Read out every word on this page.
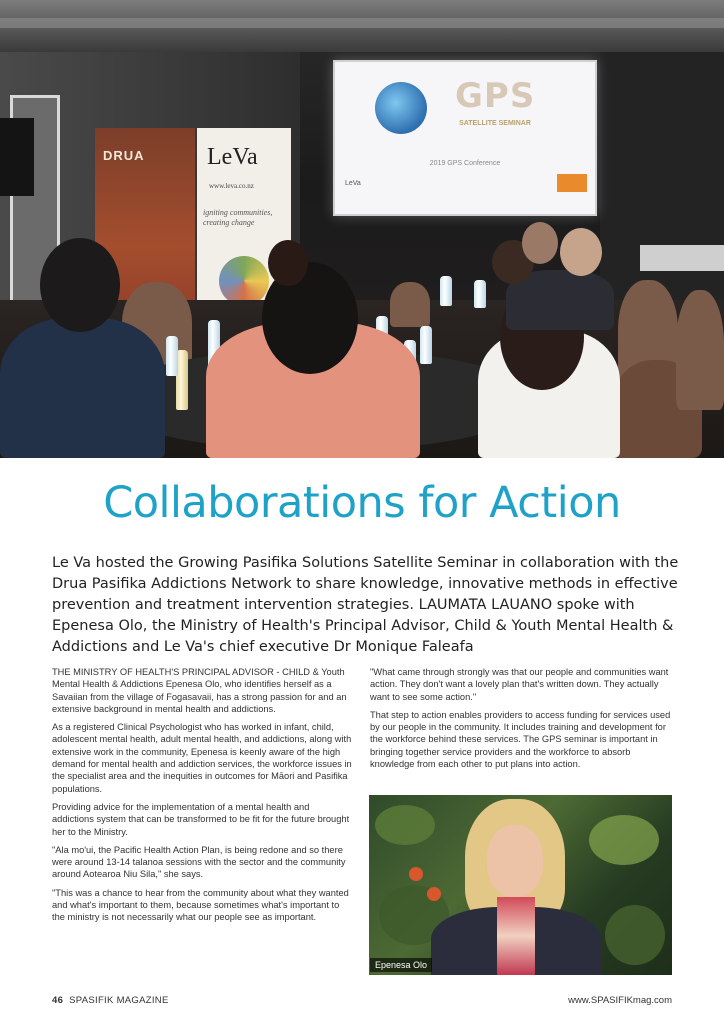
GPS
SATELLITE SEMINAR
2019 GPS Conference
LeVa
DRUA	LeVa
www.leva.co.nz
igniting communities, creating change
Collaborations for Action

Le Va hosted the Growing Pasifika Solutions Satellite Seminar in collaboration with the Drua Pasifika Addictions Network to share knowledge, innovative methods in effective prevention and treatment intervention strategies. LAUMATA LAUANO spoke with Epenesa Olo, the Ministry of Health's Principal Advisor, Child & Youth Mental Health & Addictions and Le Va's chief executive Dr Monique Faleafa

THE MINISTRY OF HEALTH'S PRINCIPAL ADVISOR - CHILD & Youth Mental Health & Addictions Epenesa Olo, who identifies herself as a Savaiian from the village of Fogasavaii, has a strong passion for and an extensive background in mental health and addictions.

As a registered Clinical Psychologist who has worked in infant, child, adolescent mental health, adult mental health, and addictions, along with extensive work in the community, Epenesa is keenly aware of the high demand for mental health and addiction services, the workforce issues in the specialist area and the inequities in outcomes for Māori and Pasifika populations.

Providing advice for the implementation of a mental health and addictions system that can be transformed to be fit for the future brought her to the Ministry.

"Ala mo'ui, the Pacific Health Action Plan, is being redone and so there were around 13-14 talanoa sessions with the sector and the community around Aotearoa Niu Sila," she says.

"This was a chance to hear from the community about what they wanted and what's important to them, because sometimes what's important to the ministry is not necessarily what our people see as important.

"What came through strongly was that our people and communities want action. They don't want a lovely plan that's written down. They actually want to see some action."

That step to action enables providers to access funding for services used by our people in the community. It includes training and development for the workforce behind these services. The GPS seminar is important in bringing together service providers and the workforce to absorb knowledge from each other to put plans into action.

Epenesa Olo
46 SPASIFIK MAGAZINE	www.SPASIFIKmag.com
